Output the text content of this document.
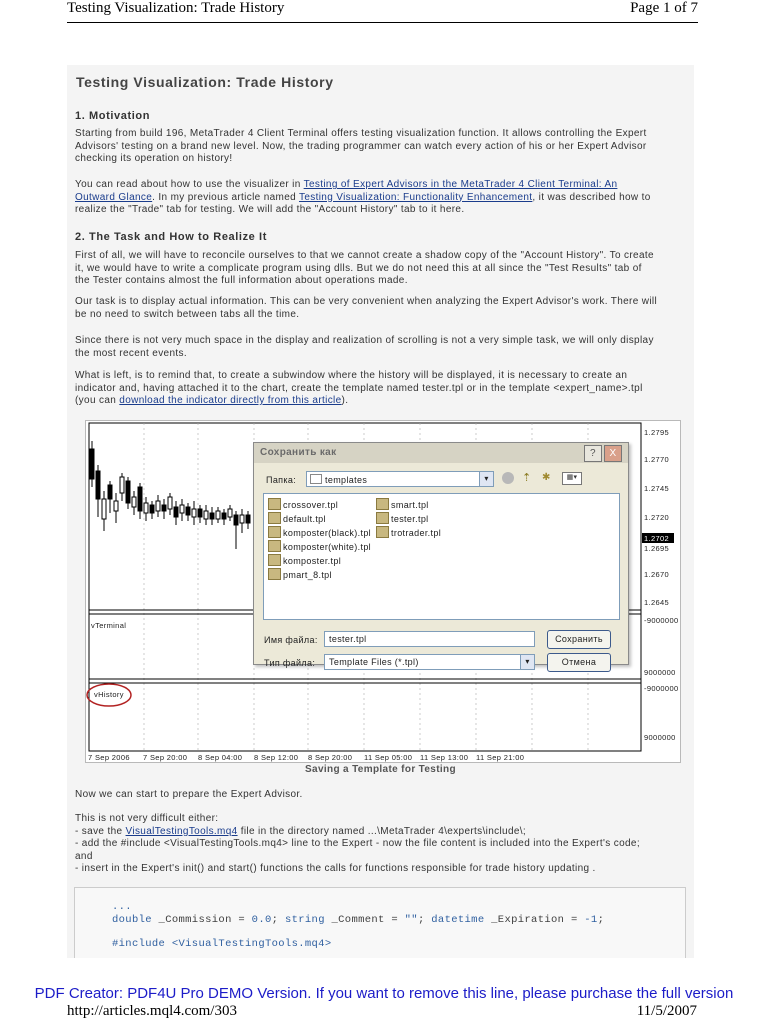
Testing Visualization: Trade History	Page 1 of 7
Testing Visualization: Trade History
1. Motivation
Starting from build 196, MetaTrader 4 Client Terminal offers testing visualization function. It allows controlling the Expert
Advisors' testing on a brand new level. Now, the trading programmer can watch every action of his or her Expert Advisor
checking its operation on history!
You can read about how to use the visualizer in Testing of Expert Advisors in the MetaTrader 4 Client Terminal: An
Outward Glance. In my previous article named Testing Visualization: Functionality Enhancement, it was described how to
realize the "Trade" tab for testing. We will add the "Account History" tab to it here.
2. The Task and How to Realize It
First of all, we will have to reconcile ourselves to that we cannot create a shadow copy of the "Account History". To create
it, we would have to write a complicate program using dlls. But we do not need this at all since the "Test Results" tab of
the Tester contains almost the full information about operations made.
Our task is to display actual information. This can be very convenient when analyzing the Expert Advisor's work. There will
be no need to switch between tabs all the time.
Since there is not very much space in the display and realization of scrolling is not a very simple task, we will only display
the most recent events.
What is left, is to remind that, to create a subwindow where the history will be displayed, it is necessary to create an
indicator and, having attached it to the chart, create the template named tester.tpl or in the template <expert_name>.tpl
(you can download the indicator directly from this article).
1.2795
1.2770
1.2745
1.2720
1.2702
1.2695
1.2670
1.2645
vTerminal
-9000000
9000000
vHistory
-9000000
9000000
7 Sep 2006 7 Sep 20:00 8 Sep 04:00 8 Sep 12:00 8 Sep 20:00 11 Sep 05:00 11 Sep 13:00 11 Sep 21:00
Сохранить как	?	X
Папка:	templates	▾	⇡ ✱	▦▾
crossover.tpl
default.tpl
komposter(black).tpl
komposter(white).tpl
komposter.tpl
pmart_8.tpl
smart.tpl
tester.tpl
trotrader.tpl
Имя файла:	tester.tpl	Сохранить
Тип файла:	Template Files (*.tpl)	▾	Отмена
Saving a Template for Testing
Now we can start to prepare the Expert Advisor.
This is not very difficult either:
- save the VisualTestingTools.mq4 file in the directory named ...\MetaTrader 4\experts\include\;
- add the #include <VisualTestingTools.mq4> line to the Expert - now the file content is included into the Expert's code;
and
- insert in the Expert's init() and start() functions the calls for functions responsible for trade history updating .
...
double _Commission = 0.0; string _Comment = ""; datetime _Expiration = -1;
#include <VisualTestingTools.mq4>
PDF Creator: PDF4U Pro DEMO Version. If you want to remove this line, please purchase the full version
http://articles.mql4.com/303	11/5/2007
